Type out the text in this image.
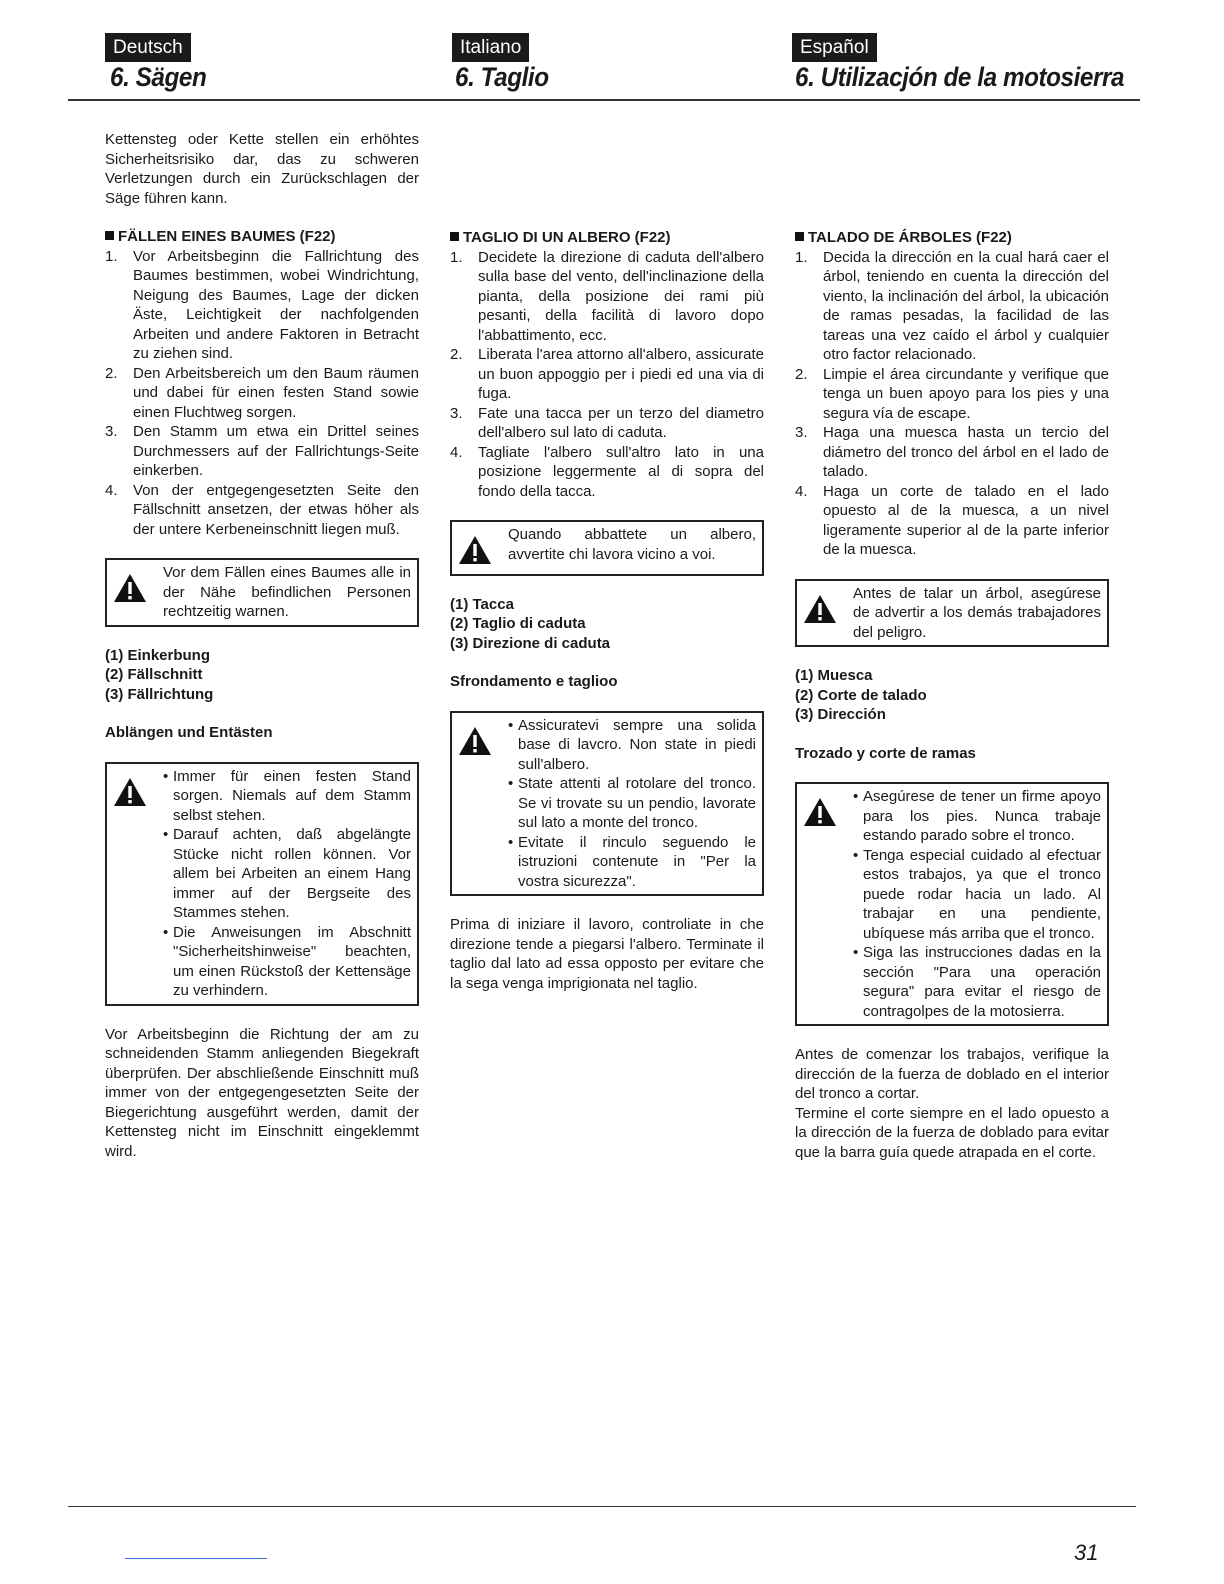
Deutsch	Italiano	Español
6. Sägen	6. Taglio	6. Utilizacjón de la motosierra

Kettensteg oder Kette stellen ein erhöhtes Sicherheitsrisiko dar, das zu schweren Verletzungen durch ein Zurückschlagen der Säge führen kann.

FÄLLEN EINES BAUMES (F22)

1.	Vor Arbeitsbeginn die Fallrichtung des Baumes bestimmen, wobei Windrichtung, Neigung des Baumes, Lage der dicken Äste, Leichtigkeit der nachfolgenden Arbeiten und andere Faktoren in Betracht zu ziehen sind.
2.	Den Arbeitsbereich um den Baum räumen und dabei für einen festen Stand sowie einen Fluchtweg sorgen.
3.	Den Stamm um etwa ein Drittel seines Durchmessers auf der Fallrichtungs-Seite einkerben.
4.	Von der entgegengesetzten Seite den Fällschnitt ansetzen, der etwas höher als der untere Kerbeneinschnitt liegen muß.

Vor dem Fällen eines Baumes alle in der Nähe befindlichen Personen rechtzeitig warnen.

(1) Einkerbung

(2) Fällschnitt

(3) Fällrichtung

Ablängen und Entästen

• Immer für einen festen Stand sorgen. Niemals auf dem Stamm selbst stehen.
• Darauf achten, daß abgelängte Stücke nicht rollen können. Vor allem bei Arbeiten an einem Hang immer auf der Bergseite des Stammes stehen.
• Die Anweisungen im Abschnitt "Sicherheitshinweise" beachten, um einen Rückstoß der Kettensäge zu verhindern.

Vor Arbeitsbeginn die Richtung der am zu schneidenden Stamm anliegenden Biegekraft überprüfen. Der abschließende Einschnitt muß immer von der entgegengesetzten Seite der Biegerichtung ausgeführt werden, damit der Kettensteg nicht im Einschnitt eingeklemmt wird.

TAGLIO DI UN ALBERO (F22)

1.	Decidete la direzione di caduta dell'albero sulla base del vento, dell'inclinazione della pianta, della posizione dei rami più pesanti, della facilità di lavoro dopo l'abbattimento, ecc.
2.	Liberata l'area attorno all'albero, assicurate un buon appoggio per i piedi ed una via di fuga.
3.	Fate una tacca per un terzo del diametro dell'albero sul lato di caduta.
4.	Tagliate l'albero sull'altro lato in una posizione leggermente al di sopra del fondo della tacca.

Quando abbattete un albero, avvertite chi lavora vicino a voi.

(1) Tacca

(2) Taglio di caduta

(3) Direzione di caduta

Sfrondamento e taglioo

• Assicuratevi sempre una solida base di lavcro. Non state in piedi sull'albero.
• State attenti al rotolare del tronco. Se vi trovate su un pendio, lavorate sul lato a monte del tronco.
• Evitate il rinculo seguendo le istruzioni contenute in "Per la vostra sicurezza".

Prima di iniziare il lavoro, controliate in che direzione tende a piegarsi l'albero. Terminate il taglio dal lato ad essa opposto per evitare che la sega venga imprigionata nel taglio.

TALADO DE ÁRBOLES (F22)

1.	Decida la dirección en la cual hará caer el árbol, teniendo en cuenta la dirección del viento, la inclinación del árbol, la ubicación de ramas pesadas, la facilidad de las tareas una vez caído el árbol y cualquier otro factor relacionado.
2.	Limpie el área circundante y verifique que tenga un buen apoyo para los pies y una segura vía de escape.
3.	Haga una muesca hasta un tercio del diámetro del tronco del árbol en el lado de talado.
4.	Haga un corte de talado en el lado opuesto al de la muesca, a un nivel ligeramente superior al de la parte inferior de la muesca.

Antes de talar un árbol, asegúrese de advertir a los demás trabajadores del peligro.

(1) Muesca

(2) Corte de talado

(3) Dirección

Trozado y corte de ramas

• Asegúrese de tener un firme apoyo para los pies. Nunca trabaje estando parado sobre el tronco.
• Tenga especial cuidado al efectuar estos trabajos, ya que el tronco puede rodar hacia un lado. Al trabajar en una pendiente, ubíquese más arriba que el tronco.
• Siga las instrucciones dadas en la sección "Para una operación segura" para evitar el riesgo de contragolpes de la motosierra.

Antes de comenzar los trabajos, verifique la dirección de la fuerza de doblado en el interior del tronco a cortar.

Termine el corte siempre en el lado opuesto a la dirección de la fuerza de doblado para evitar que la barra guía quede atrapada en el corte.

31
